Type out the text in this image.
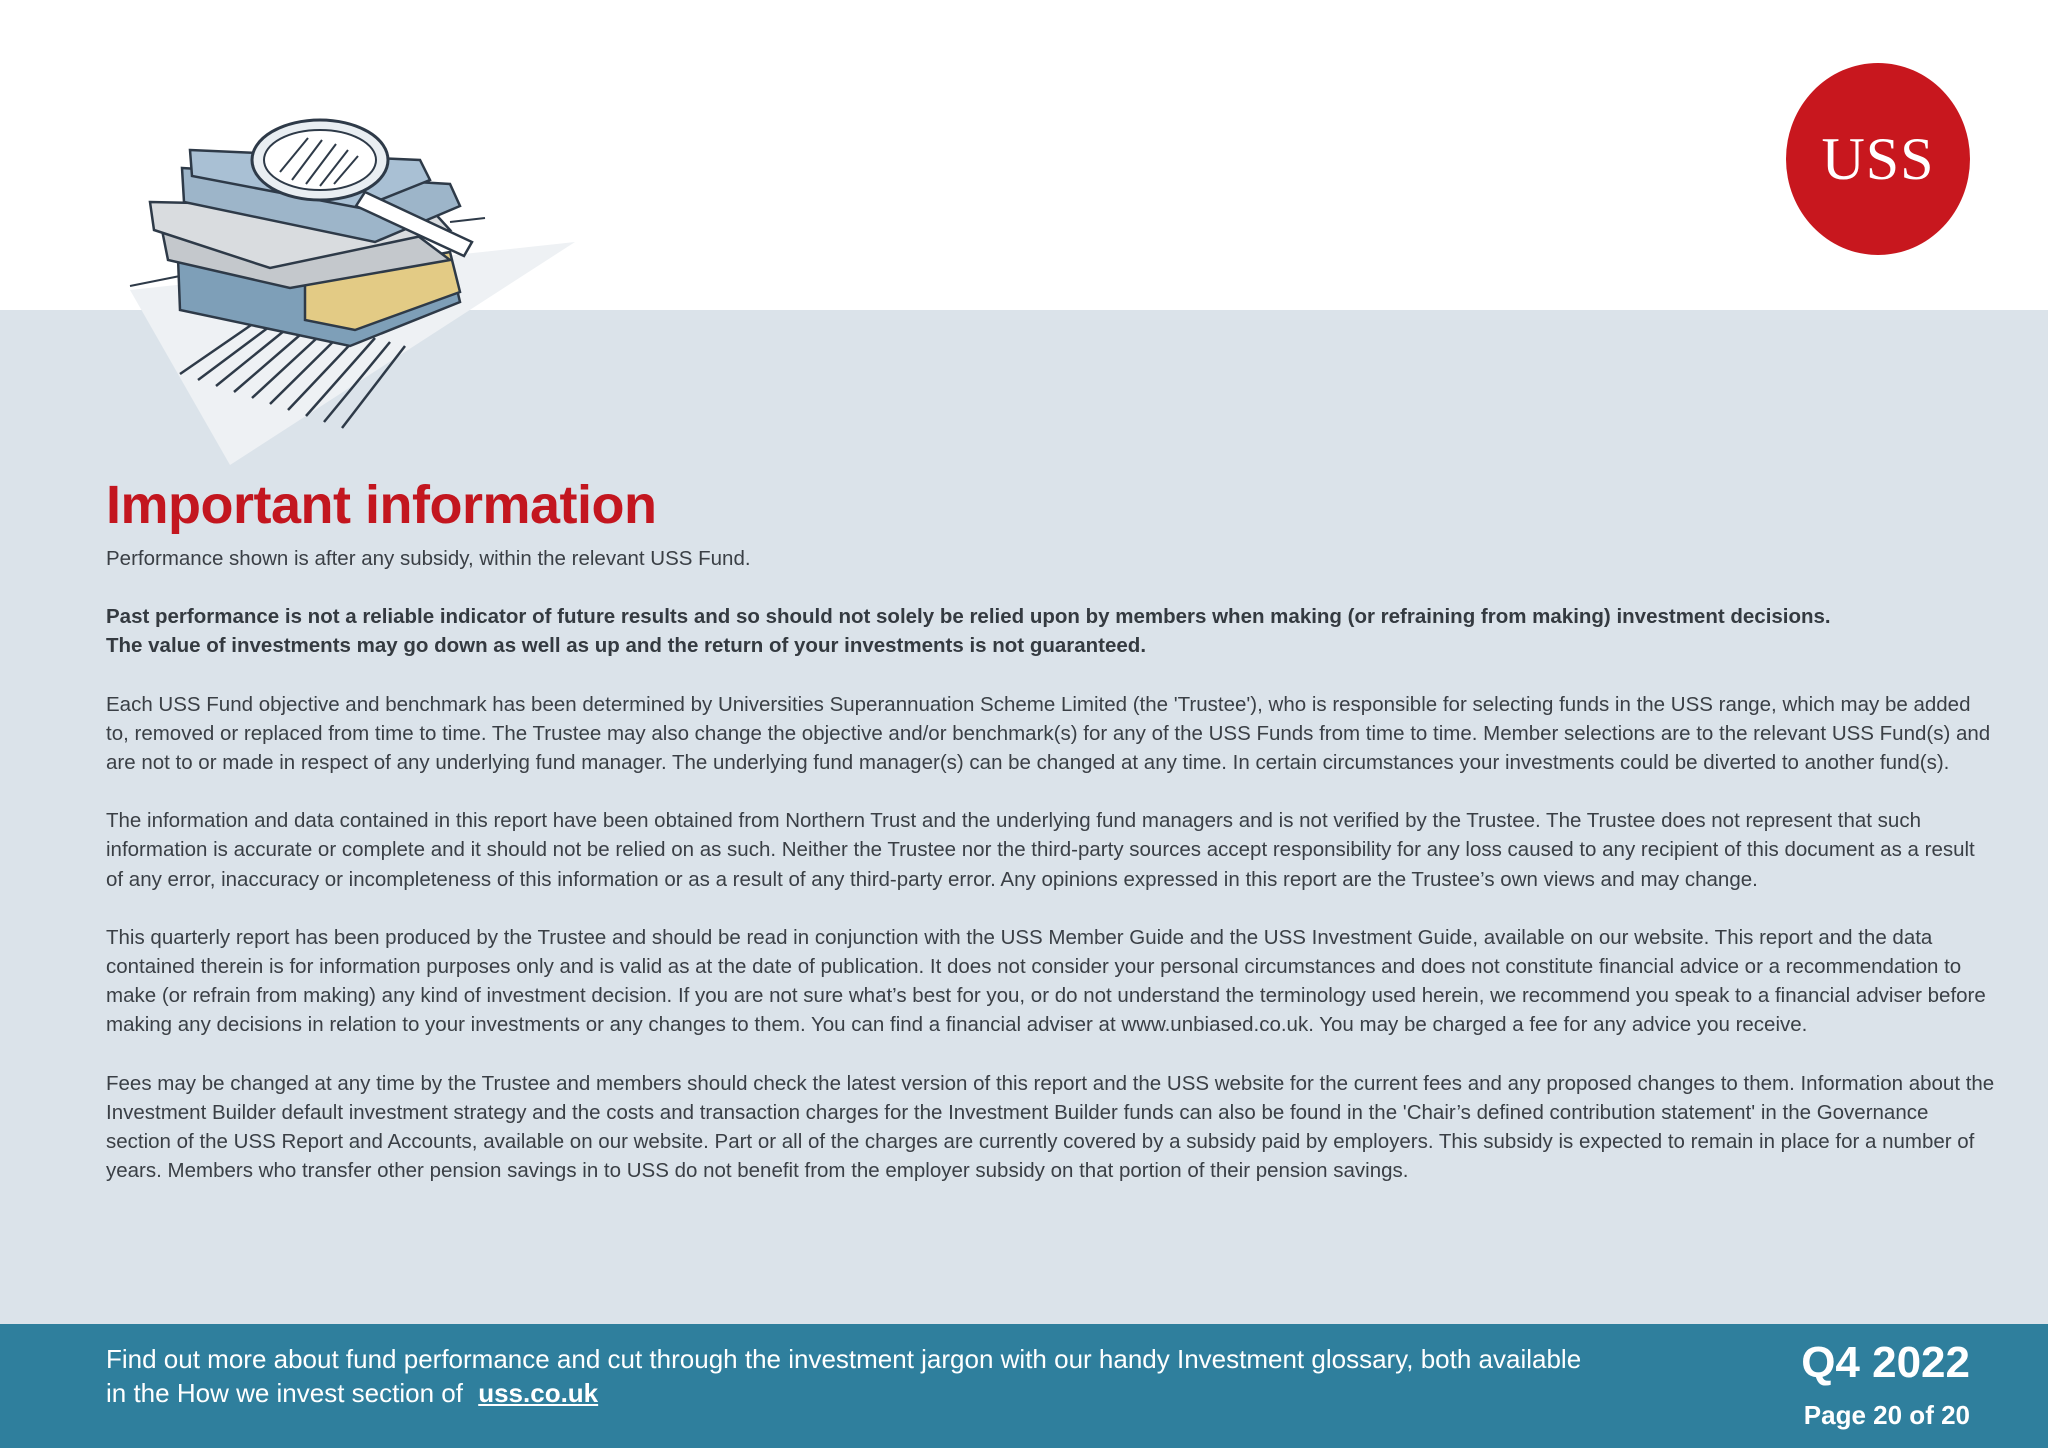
USS
Important information

Performance shown is after any subsidy, within the relevant USS Fund.

Past performance is not a reliable indicator of future results and so should not solely be relied upon by members when making (or refraining from making) investment decisions.

The value of investments may go down as well as up and the return of your investments is not guaranteed.

Each USS Fund objective and benchmark has been determined by Universities Superannuation Scheme Limited (the 'Trustee'), who is responsible for selecting funds in the USS range, which may be added to, removed or replaced from time to time. The Trustee may also change the objective and/or benchmark(s) for any of the USS Funds from time to time. Member selections are to the relevant USS Fund(s) and are not to or made in respect of any underlying fund manager. The underlying fund manager(s) can be changed at any time. In certain circumstances your investments could be diverted to another fund(s).

The information and data contained in this report have been obtained from Northern Trust and the underlying fund managers and is not verified by the Trustee. The Trustee does not represent that such information is accurate or complete and it should not be relied on as such. Neither the Trustee nor the third-party sources accept responsibility for any loss caused to any recipient of this document as a result of any error, inaccuracy or incompleteness of this information or as a result of any third-party error. Any opinions expressed in this report are the Trustee’s own views and may change.

This quarterly report has been produced by the Trustee and should be read in conjunction with the USS Member Guide and the USS Investment Guide, available on our website. This report and the data contained therein is for information purposes only and is valid as at the date of publication. It does not consider your personal circumstances and does not constitute financial advice or a recommendation to make (or refrain from making) any kind of investment decision. If you are not sure what’s best for you, or do not understand the terminology used herein, we recommend you speak to a financial adviser before making any decisions in relation to your investments or any changes to them. You can find a financial adviser at www.unbiased.co.uk. You may be charged a fee for any advice you receive.

Fees may be changed at any time by the Trustee and members should check the latest version of this report and the USS website for the current fees and any proposed changes to them. Information about the Investment Builder default investment strategy and the costs and transaction charges for the Investment Builder funds can also be found in the 'Chair’s defined contribution statement' in the Governance section of the USS Report and Accounts, available on our website. Part or all of the charges are currently covered by a subsidy paid by employers. This subsidy is expected to remain in place for a number of years. Members who transfer other pension savings in to USS do not benefit from the employer subsidy on that portion of their pension savings.

Find out more about fund performance and cut through the investment jargon with our handy Investment glossary, both available in the How we invest section of uss.co.uk
Q4 2022
Page 20 of 20
